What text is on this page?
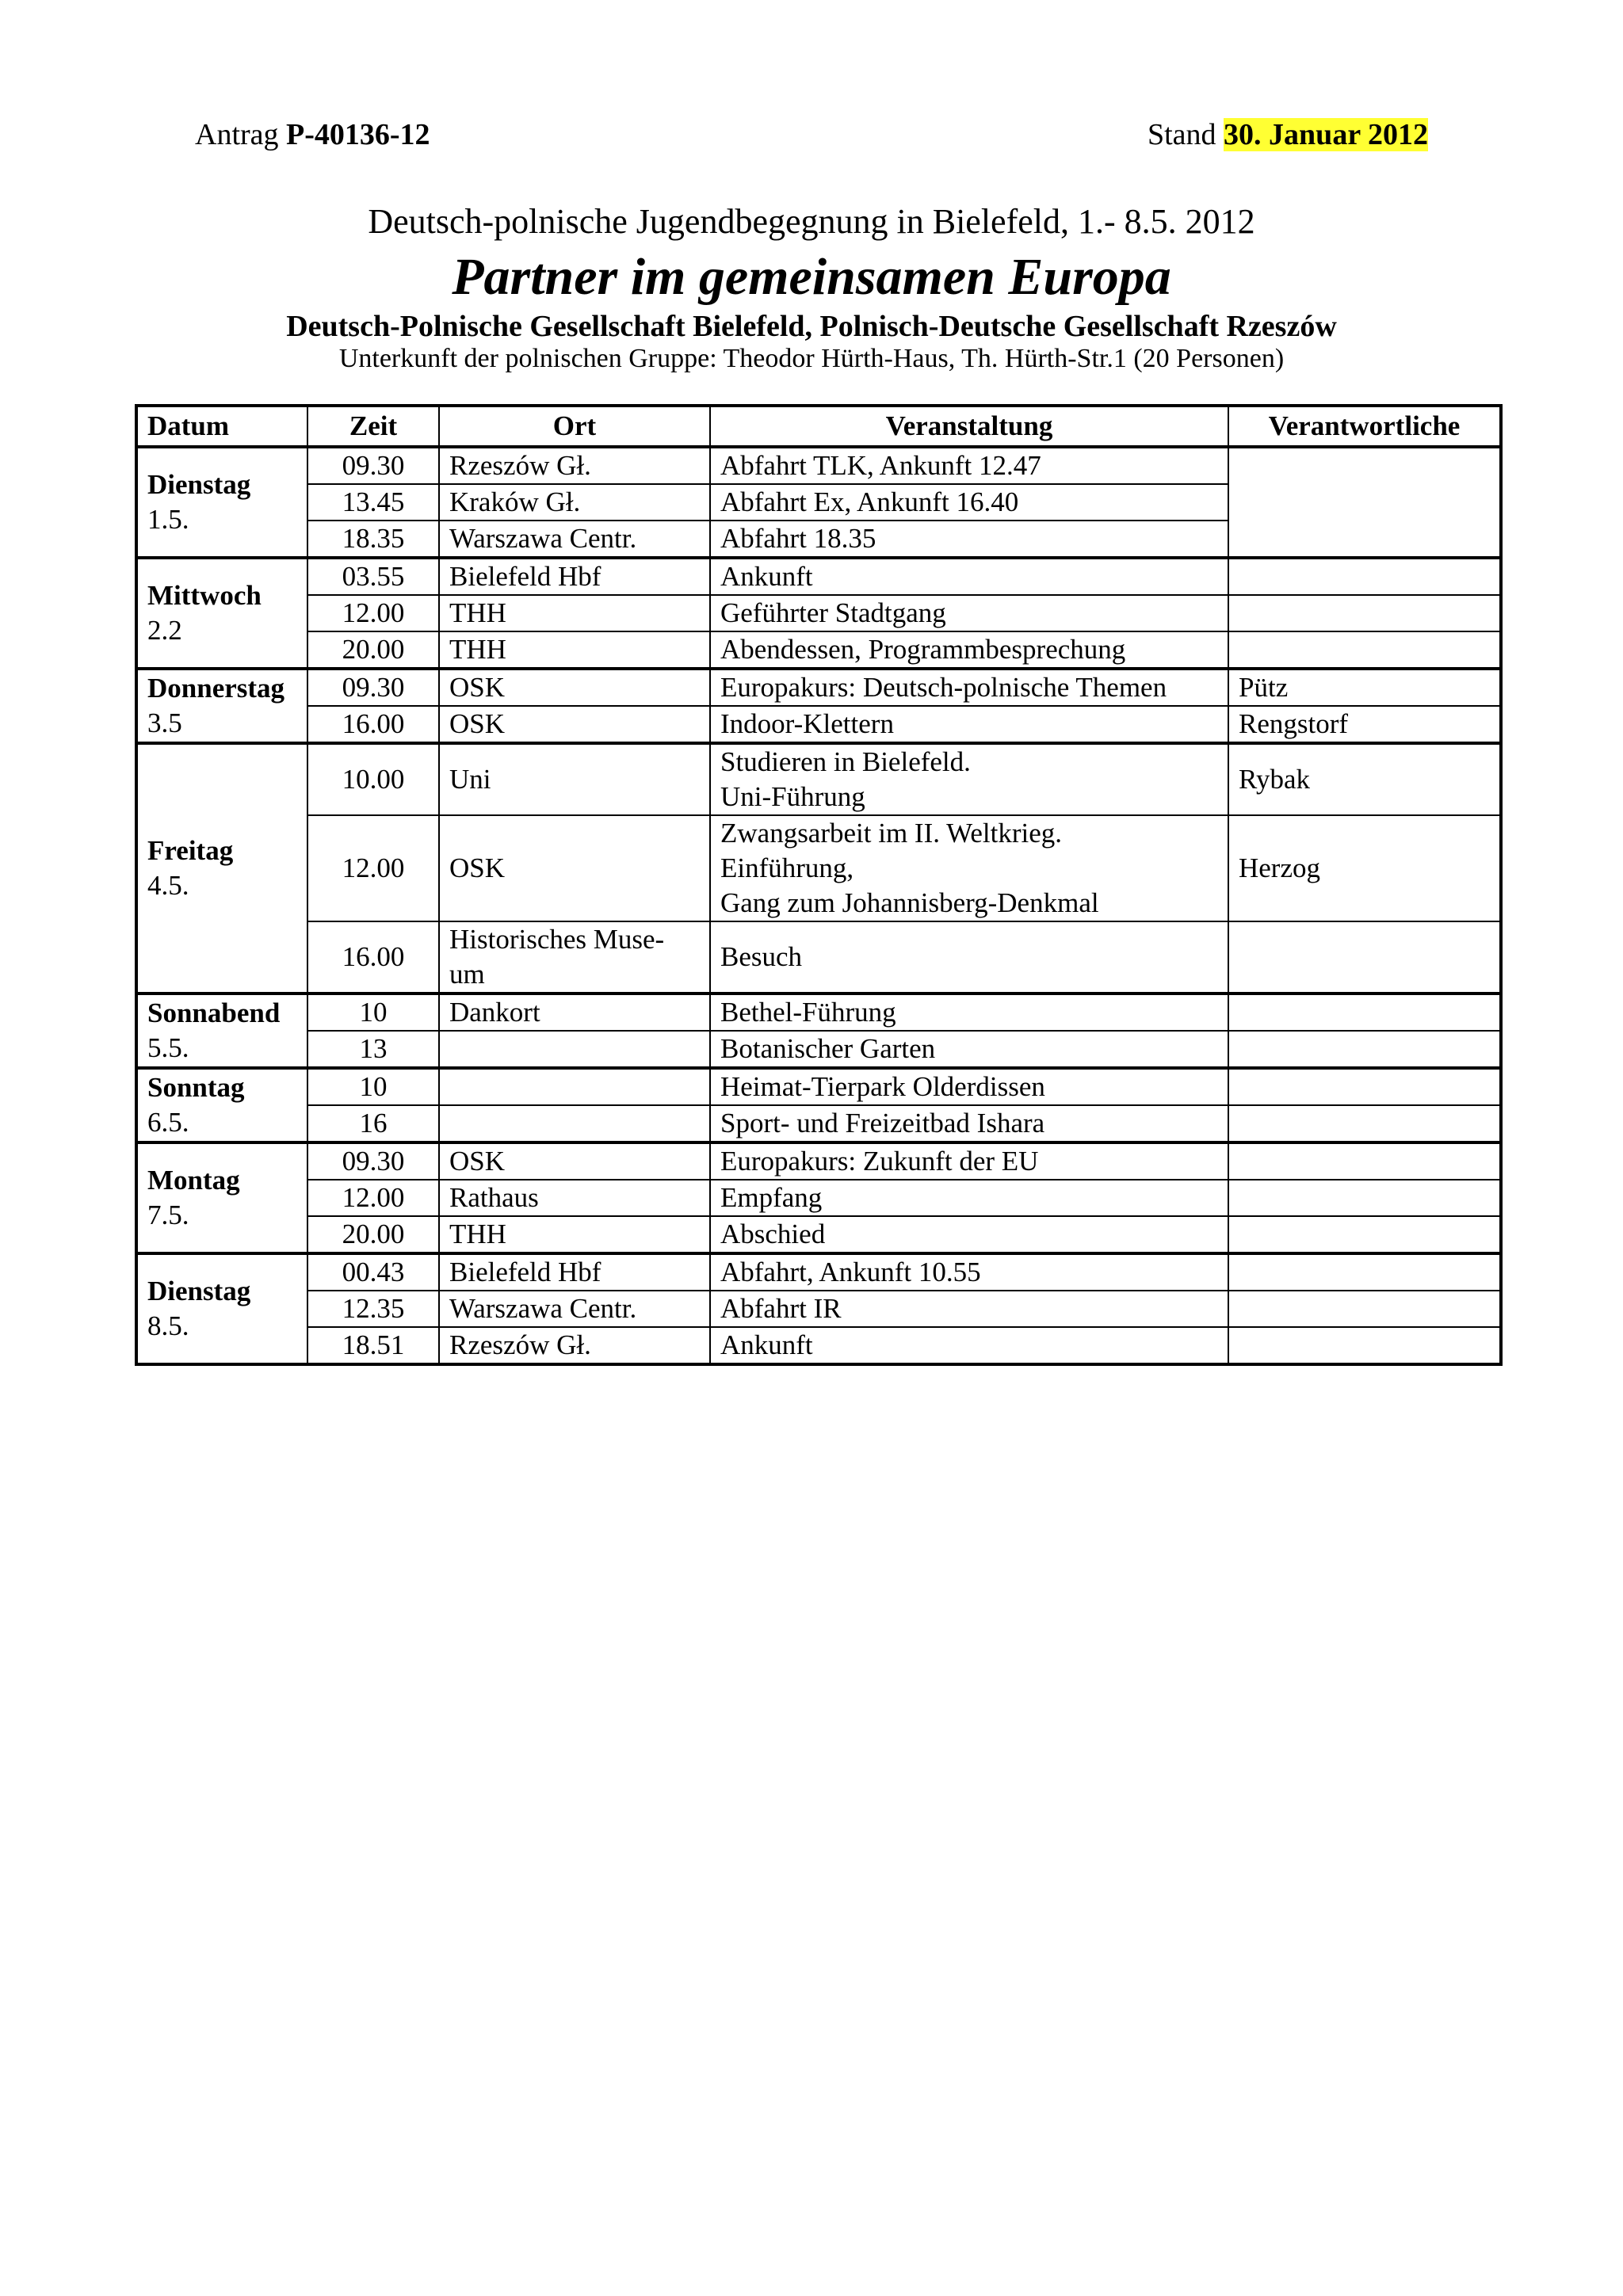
Antrag P-40136-12	Stand 30. Januar 2012
Deutsch-polnische Jugendbegegnung in Bielefeld, 1.- 8.5. 2012
Partner im gemeinsamen Europa
Deutsch-Polnische Gesellschaft Bielefeld, Polnisch-Deutsche Gesellschaft Rzeszów
Unterkunft der polnischen Gruppe: Theodor Hürth-Haus, Th. Hürth-Str.1 (20 Personen)
Datum	Zeit	Ort	Veranstaltung	Verantwortliche

Dienstag
1.5.	09.30	Rzeszów Gł.	Abfahrt TLK, Ankunft 12.47	
	13.45	Kraków Gł.	Abfahrt Ex, Ankunft 16.40	
	18.35	Warszawa Centr.	Abfahrt 18.35	

Mittwoch
2.2	03.55	Bielefeld Hbf	Ankunft	
	12.00	THH	Geführter Stadtgang	
	20.00	THH	Abendessen, Programmbesprechung	

Donnerstag
3.5	09.30	OSK	Europakurs: Deutsch-polnische Themen	Pütz
	16.00	OSK	Indoor-Klettern	Rengstorf

Freitag
4.5.	10.00	Uni	Studieren in Bielefeld.
Uni-Führung	Rybak
	12.00	OSK	Zwangsarbeit im II. Weltkrieg.
Einführung,
Gang zum Johannisberg-Denkmal	Herzog
	16.00	Historisches Muse-
um	Besuch	

Sonnabend
5.5.	10	Dankort	Bethel-Führung	
	13		Botanischer Garten	

Sonntag
6.5.	10		Heimat-Tierpark Olderdissen	
	16		Sport- und Freizeitbad Ishara	

Montag
7.5.	09.30	OSK	Europakurs: Zukunft der EU	
	12.00	Rathaus	Empfang	
	20.00	THH	Abschied	

Dienstag
8.5.	00.43	Bielefeld Hbf	Abfahrt, Ankunft 10.55	
	12.35	Warszawa Centr.	Abfahrt IR	
	18.51	Rzeszów Gł.	Ankunft	
